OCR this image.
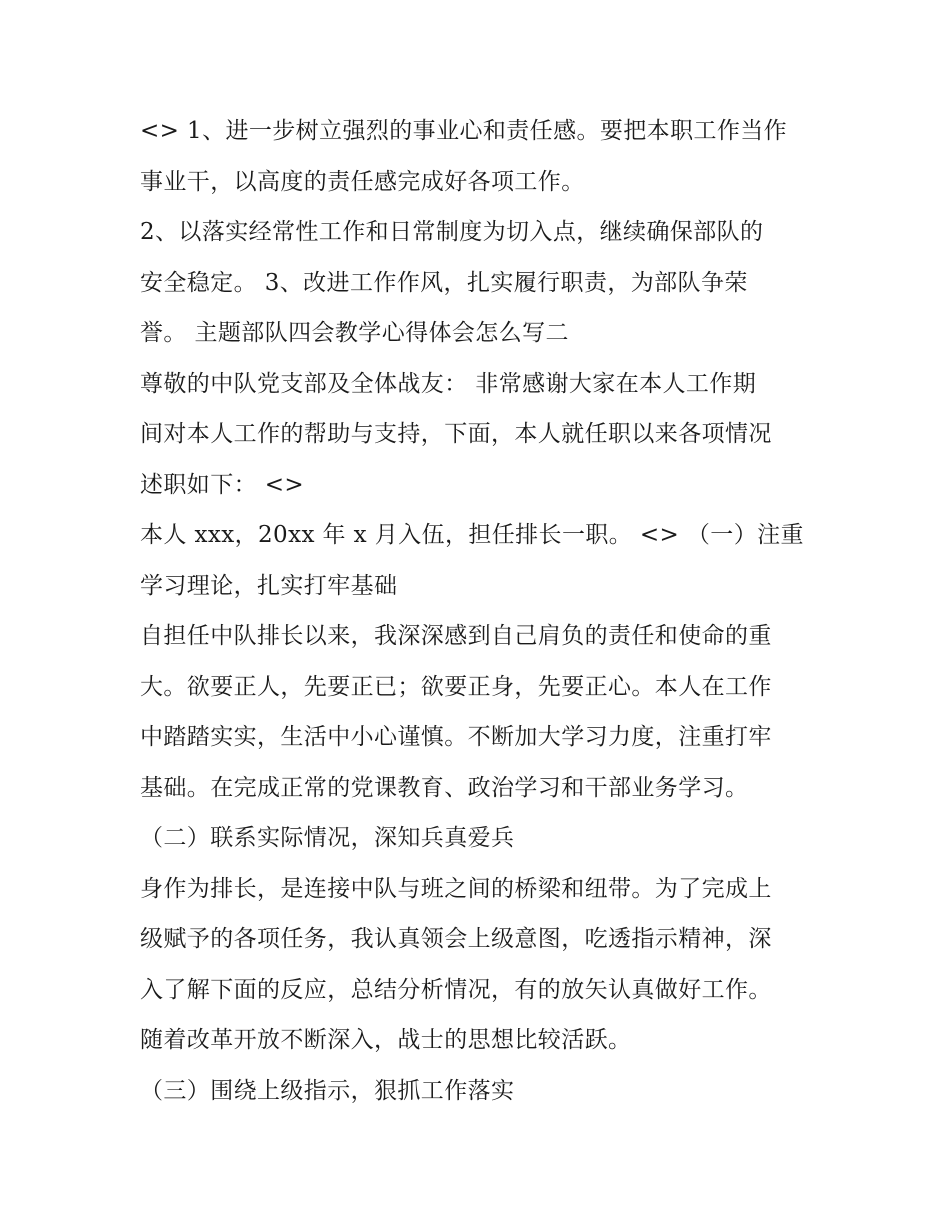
<> 1、进一步树立强烈的事业心和责任感。要把本职工作当作
事业干，以高度的责任感完成好各项工作。
2、以落实经常性工作和日常制度为切入点，继续确保部队的
安全稳定。 3、改进工作作风，扎实履行职责，为部队争荣
誉。 主题部队四会教学心得体会怎么写二
尊敬的中队党支部及全体战友： 非常感谢大家在本人工作期
间对本人工作的帮助与支持，下面，本人就任职以来各项情况
述职如下： <>
本人 xxx，20xx 年 x 月入伍，担任排长一职。 <> （一）注重
学习理论，扎实打牢基础
自担任中队排长以来，我深深感到自己肩负的责任和使命的重
大。欲要正人，先要正已；欲要正身，先要正心。本人在工作
中踏踏实实，生活中小心谨慎。不断加大学习力度，注重打牢
基础。在完成正常的党课教育、政治学习和干部业务学习。
（二）联系实际情况，深知兵真爱兵
身作为排长，是连接中队与班之间的桥梁和纽带。为了完成上
级赋予的各项任务，我认真领会上级意图，吃透指示精神，深
入了解下面的反应，总结分析情况，有的放矢认真做好工作。
随着改革开放不断深入，战士的思想比较活跃。
（三）围绕上级指示，狠抓工作落实
